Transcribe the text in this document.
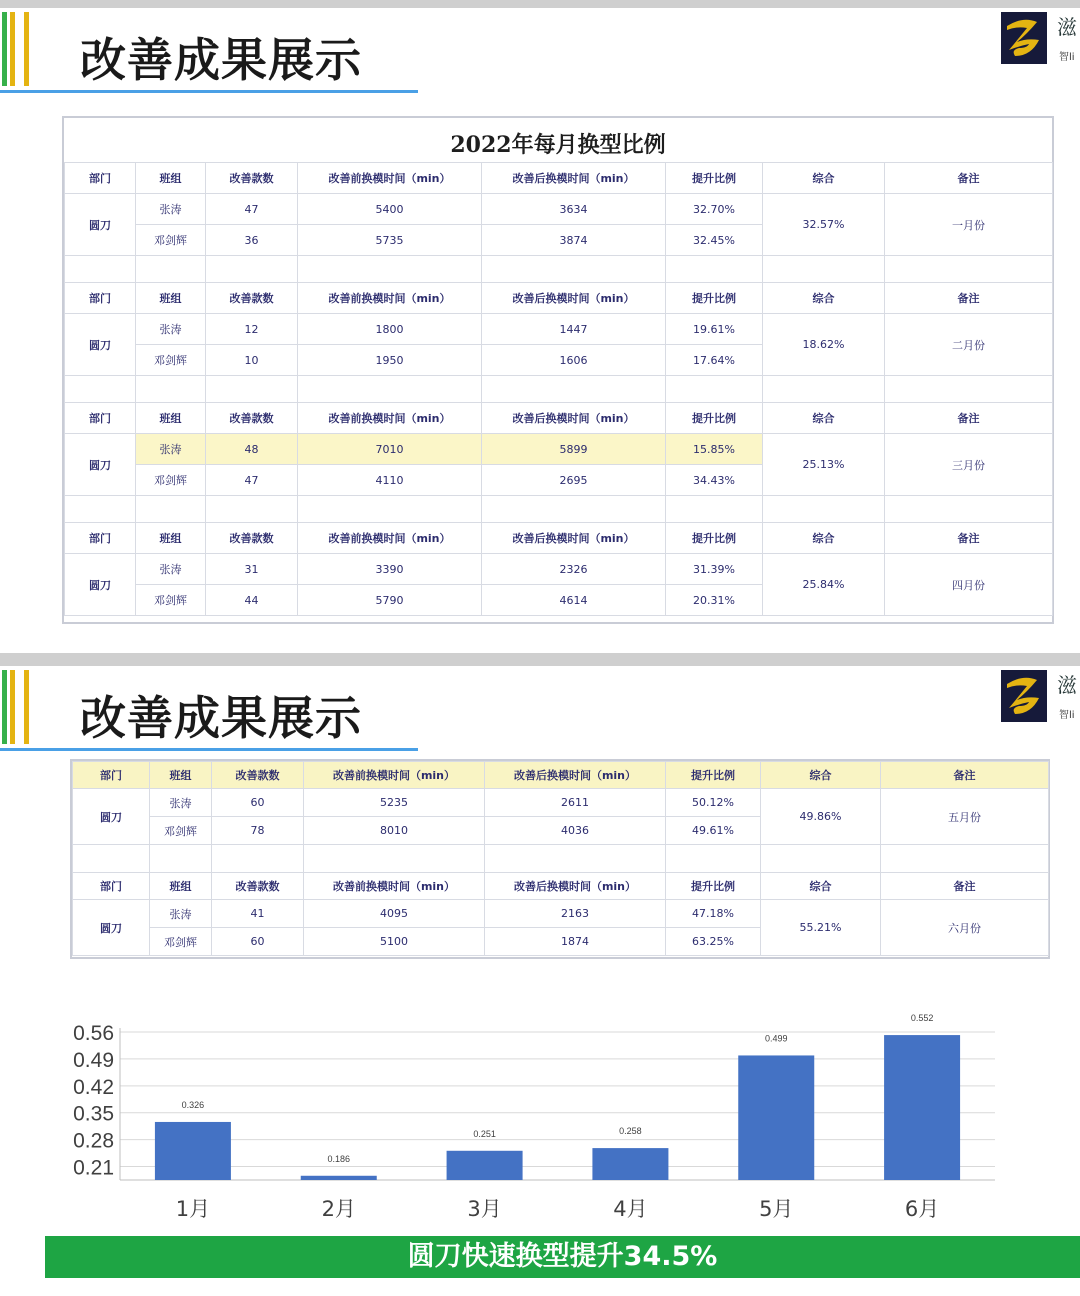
改善成果展示
滋
智li
2022年每月换型比例
部门	班组	改善款数	改善前换模时间（min）	改善后换模时间（min）	提升比例	综合	备注
圆刀	张涛	47	5400	3634	32.70%	32.57%	一月份
	邓剑辉	36	5735	3874	32.45%		

部门	班组	改善款数	改善前换模时间（min）	改善后换模时间（min）	提升比例	综合	备注
圆刀	张涛	12	1800	1447	19.61%	18.62%	二月份
	邓剑辉	10	1950	1606	17.64%		

部门	班组	改善款数	改善前换模时间（min）	改善后换模时间（min）	提升比例	综合	备注
圆刀	张涛	48	7010	5899	15.85%	25.13%	三月份
	邓剑辉	47	4110	2695	34.43%		

部门	班组	改善款数	改善前换模时间（min）	改善后换模时间（min）	提升比例	综合	备注
圆刀	张涛	31	3390	2326	31.39%	25.84%	四月份
	邓剑辉	44	5790	4614	20.31%		
改善成果展示
滋
智li
部门	班组	改善款数	改善前换模时间（min）	改善后换模时间（min）	提升比例	综合	备注
圆刀	张涛	60	5235	2611	50.12%	49.86%	五月份
	邓剑辉	78	8010	4036	49.61%		

部门	班组	改善款数	改善前换模时间（min）	改善后换模时间（min）	提升比例	综合	备注
圆刀	张涛	41	4095	2163	47.18%	55.21%	六月份
	邓剑辉	60	5100	1874	63.25%		
0.56
0.49
0.42
0.35
0.28
0.21
0.326
1月
0.186
2月
0.251
3月
0.258
4月
0.499
5月
0.552
6月
圆刀快速换型提升34.5%
